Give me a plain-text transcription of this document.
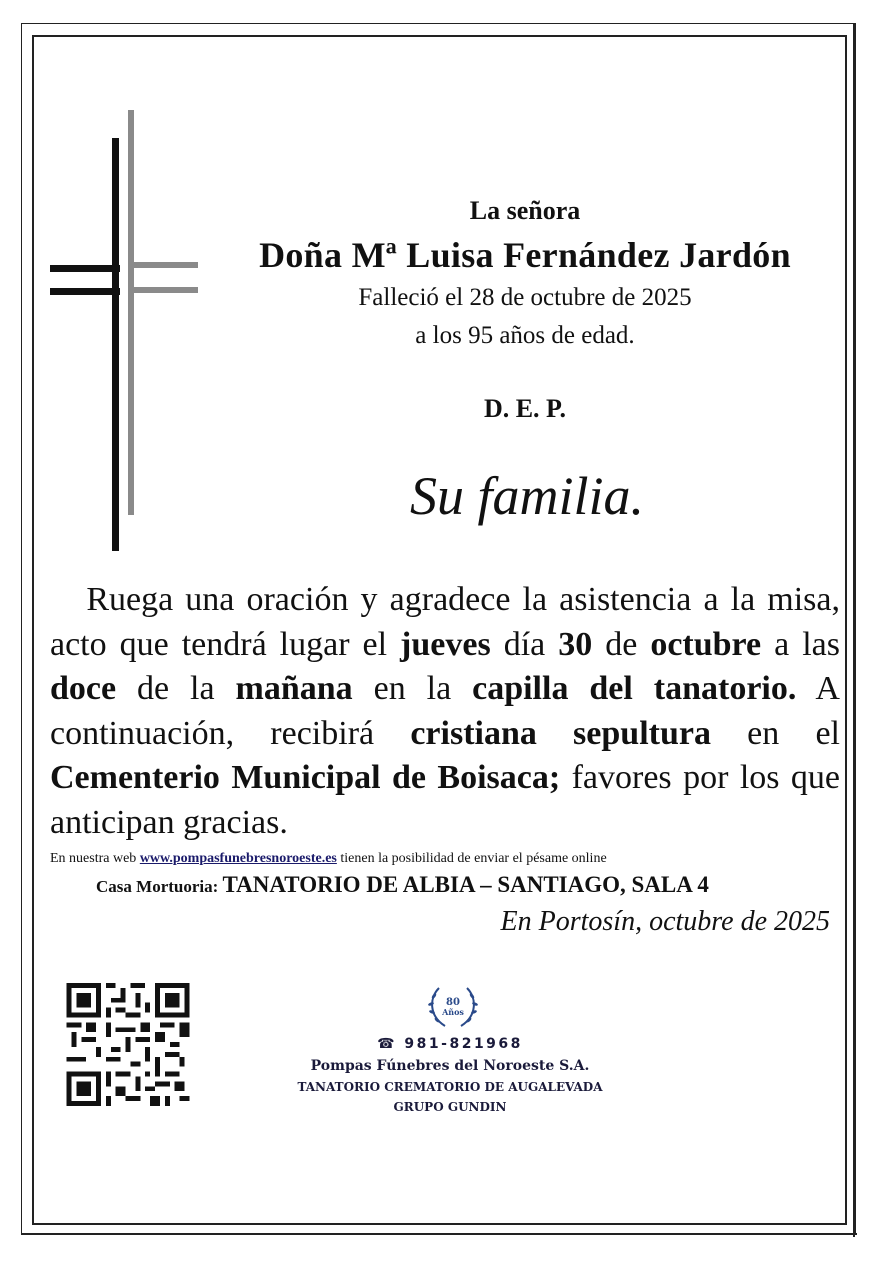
La señora
Doña Mª Luisa Fernández Jardón
Falleció el 28 de octubre de 2025
a los 95 años de edad.
D. E. P.
Su familia.
Ruega una oración y agradece la asistencia a la misa, acto que tendrá lugar el jueves día 30 de octubre a las doce de la mañana en la capilla del tanatorio. A continuación, recibirá cristiana sepultura en el Cementerio Municipal de Boisaca; favores por los que anticipan gracias.
En nuestra web www.pompasfunebresnoroeste.es tienen la posibilidad de enviar el pésame online
Casa Mortuoria: TANATORIO DE ALBIA – SANTIAGO, SALA 4
En Portosín, octubre de 2025
80
Años
☎ 981-821968
Pompas Fúnebres del Noroeste S.A.
TANATORIO CREMATORIO DE AUGALEVADA
GRUPO GUNDIN
